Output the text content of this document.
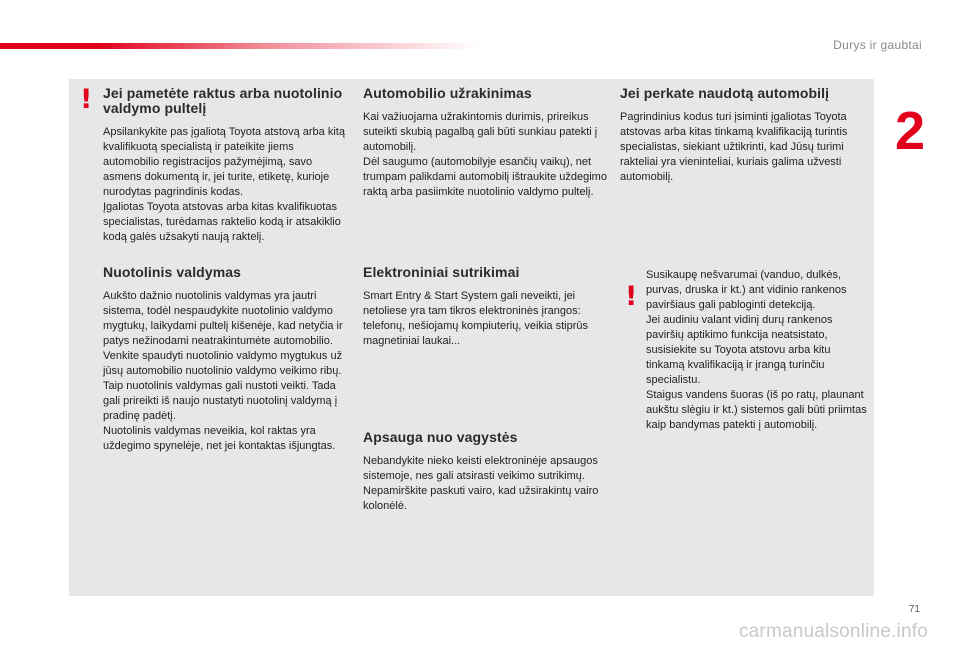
Durys ir gaubtai
2
!
!
Jei pametėte raktus arba nuotolinio valdymo pultelį

Apsilankykite pas įgaliotą Toyota atstovą arba kitą kvalifikuotą specialistą ir pateikite jiems automobilio registracijos pažymėjimą, savo asmens dokumentą ir, jei turite, etiketę, kurioje nurodytas pagrindinis kodas.
Įgaliotas Toyota atstovas arba kitas kvalifikuotas specialistas, turėdamas raktelio kodą ir atsakiklio kodą galės užsakyti naują raktelį.

Nuotolinis valdymas

Aukšto dažnio nuotolinis valdymas yra jautri sistema, todėl nespaudykite nuotolinio valdymo mygtukų, laikydami pultelį kišenėje, kad netyčia ir patys nežinodami neatrakintumėte automobilio.
Venkite spaudyti nuotolinio valdymo mygtukus už jūsų automobilio nuotolinio valdymo veikimo ribų. Taip nuotolinis valdymas gali nustoti veikti. Tada gali prireikti iš naujo nustatyti nuotolinį valdymą į pradinę padėtį.
Nuotolinis valdymas neveikia, kol raktas yra uždegimo spynelėje, net jei kontaktas išjungtas.

Automobilio užrakinimas

Kai važiuojama užrakintomis durimis, prireikus suteikti skubią pagalbą gali būti sunkiau patekti į automobilį.
Dėl saugumo (automobilyje esančių vaikų), net trumpam palikdami automobilį ištraukite uždegimo raktą arba pasiimkite nuotolinio valdymo pultelį.

Elektroniniai sutrikimai

Smart Entry & Start System gali neveikti, jei netoliese yra tam tikros elektroninės įrangos: telefonų, nešiojamų kompiuterių, veikia stiprūs magnetiniai laukai...

Apsauga nuo vagystės

Nebandykite nieko keisti elektroninėje apsaugos sistemoje, nes gali atsirasti veikimo sutrikimų.
Nepamirškite paskuti vairo, kad užsirakintų vairo kolonėlė.

Jei perkate naudotą automobilį

Pagrindinius kodus turi įsiminti įgaliotas Toyota atstovas arba kitas tinkamą kvalifikaciją turintis specialistas, siekiant užtikrinti, kad Jūsų turimi rakteliai yra vieninteliai, kuriais galima užvesti automobilį.

Susikaupę nešvarumai (vanduo, dulkės, purvas, druska ir kt.) ant vidinio rankenos paviršiaus gali pabloginti detekciją.
Jei audiniu valant vidinį durų rankenos paviršių aptikimo funkcija neatsistato, susisiekite su Toyota atstovu arba kitu tinkamą kvalifikaciją ir įrangą turinčiu specialistu.
Staigus vandens šuoras (iš po ratų, plaunant aukštu slėgiu ir kt.) sistemos gali būti priimtas kaip bandymas patekti į automobilį.

71
carmanualsonline.info
